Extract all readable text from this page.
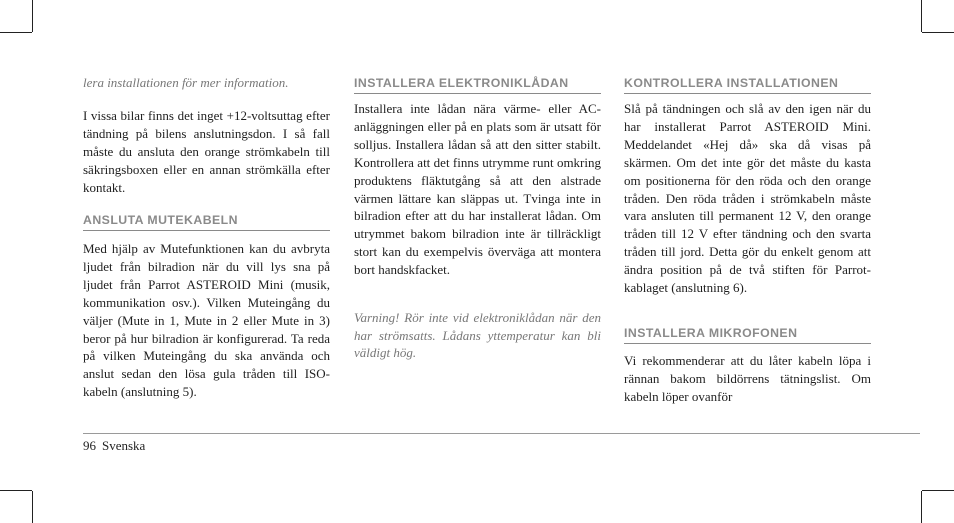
lera installationen för mer information.

I vissa bilar finns det inget +12-voltsuttag efter tändning på bilens anslutningsdon. I så fall måste du ansluta den orange strömkabeln till säkringsboxen eller en annan strömkälla efter kontakt.

ANSLUTA MUTEKABELN

Med hjälp av Mutefunktionen kan du avbryta ljudet från bilradion när du vill lys sna på ljudet från Parrot ASTEROID Mini (musik, kommunikation osv.). Vilken Muteingång du väljer (Mute in 1, Mute in 2 eller Mute in 3) beror på hur bilradion är konfigurerad. Ta reda på vilken Muteingång du ska använda och anslut sedan den lösa gula tråden till ISO-kabeln (anslutning 5).

INSTALLERA ELEKTRONIKLÅDAN

Installera inte lådan nära värme- eller AC-anläggningen eller på en plats som är utsatt för solljus. Installera lådan så att den sitter stabilt. Kontrollera att det finns utrymme runt omkring produktens fläktutgång så att den alstrade värmen lättare kan släppas ut. Tvinga inte in bilradion efter att du har installerat lådan. Om utrymmet bakom bilradion inte är tillräckligt stort kan du exempelvis överväga att montera bort handskfacket.

Varning! Rör inte vid elektroniklådan när den har strömsatts. Lådans yttemperatur kan bli väldigt hög.

KONTROLLERA INSTALLATIONEN

Slå på tändningen och slå av den igen när du har installerat Parrot ASTEROID Mini. Meddelandet «Hej då» ska då visas på skärmen. Om det inte gör det måste du kasta om positionerna för den röda och den orange tråden. Den röda tråden i strömkabeln måste vara ansluten till permanent 12 V, den orange tråden till 12 V efter tändning och den svarta tråden till jord. Detta gör du enkelt genom att ändra position på de två stiften för Parrot-kablaget (anslutning 6).

INSTALLERA MIKROFONEN

Vi rekommenderar att du låter kabeln löpa i rännan bakom bildörrens tätningslist. Om kabeln löper ovanför

96 Svenska
